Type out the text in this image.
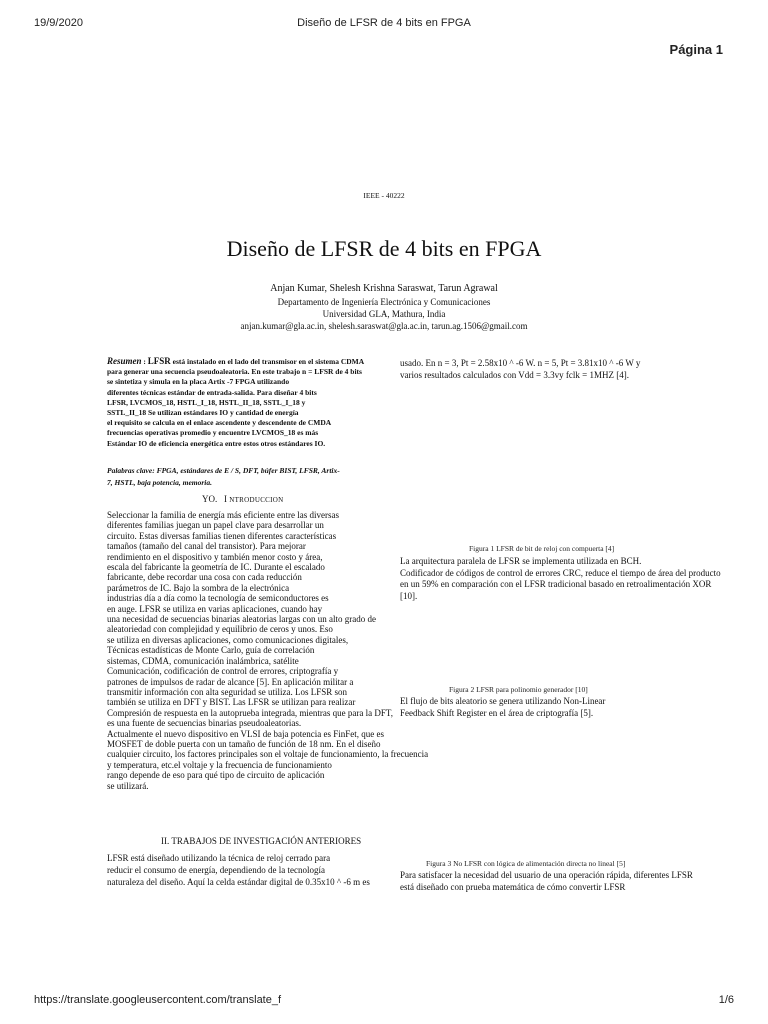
19/9/2020	Diseño de LFSR de 4 bits en FPGA
Página 1
IEEE - 40222
Diseño de LFSR de 4 bits en FPGA
Anjan Kumar, Shelesh Krishna Saraswat, Tarun Agrawal
Departamento de Ingeniería Electrónica y Comunicaciones
Universidad GLA, Mathura, India
anjan.kumar@gla.ac.in, shelesh.saraswat@gla.ac.in, tarun.ag.1506@gmail.com
Resumen : LFSR está instalado en el lado del transmisor en el sistema CDMA
para generar una secuencia pseudoaleatoria. En este trabajo n = LFSR de 4 bits
se sintetiza y simula en la placa Artix -7 FPGA utilizando
diferentes técnicas estándar de entrada-salida. Para diseñar 4 bits
LFSR, LVCMOS_18, HSTL_I_18, HSTL_II_18, SSTL_I_18 y
SSTL_II_18 Se utilizan estándares IO y cantidad de energía
el requisito se calcula en el enlace ascendente y descendente de CMDA
frecuencias operativas promedio y encuentre LVCMOS_18 es más
Estándar IO de eficiencia energética entre estos otros estándares IO.
Palabras clave: FPGA, estándares de E / S, DFT, búfer BIST, LFSR, Artix-
7, HSTL, baja potencia, memoria.
YO. I NTRODUCCION
Seleccionar la familia de energía más eficiente entre las diversas
diferentes familias juegan un papel clave para desarrollar un
circuito. Estas diversas familias tienen diferentes características
tamaños (tamaño del canal del transistor). Para mejorar
rendimiento en el dispositivo y también menor costo y área,
escala del fabricante la geometría de IC. Durante el escalado
fabricante, debe recordar una cosa con cada reducción
parámetros de IC. Bajo la sombra de la electrónica
industrias día a día como la tecnología de semiconductores es
en auge. LFSR se utiliza en varias aplicaciones, cuando hay
una necesidad de secuencias binarias aleatorias largas con un alto grado de
aleatoriedad con complejidad y equilibrio de ceros y unos. Eso
se utiliza en diversas aplicaciones, como comunicaciones digitales,
Técnicas estadísticas de Monte Carlo, guía de correlación
sistemas, CDMA, comunicación inalámbrica, satélite
Comunicación, codificación de control de errores, criptografía y
patrones de impulsos de radar de alcance [5]. En aplicación militar a
transmitir información con alta seguridad se utiliza. Los LFSR son
también se utiliza en DFT y BIST. Las LFSR se utilizan para realizar
Compresión de respuesta en la autoprueba integrada, mientras que para la DFT,
es una fuente de secuencias binarias pseudoaleatorias.
Actualmente el nuevo dispositivo en VLSI de baja potencia es FinFet, que es
MOSFET de doble puerta con un tamaño de función de 18 nm. En el diseño
cualquier circuito, los factores principales son el voltaje de funcionamiento, la frecuencia
y temperatura, etc.el voltaje y la frecuencia de funcionamiento
rango depende de eso para qué tipo de circuito de aplicación
se utilizará.
II. TRABAJOS DE INVESTIGACIÓN ANTERIORES
LFSR está diseñado utilizando la técnica de reloj cerrado para
reducir el consumo de energía, dependiendo de la tecnología
naturaleza del diseño. Aquí la celda estándar digital de 0.35x10 ^ -6 m es
usado. En n = 3, Pt = 2.58x10 ^ -6 W. n = 5, Pt = 3.81x10 ^ -6 W y
varios resultados calculados con Vdd = 3.3vy fclk = 1MHZ [4].
Figura 1 LFSR de bit de reloj con compuerta [4]
La arquitectura paralela de LFSR se implementa utilizada en BCH.
Codificador de códigos de control de errores CRC, reduce el tiempo de área del producto
en un 59% en comparación con el LFSR tradicional basado en retroalimentación XOR
[10].
Figura 2 LFSR para polinomio generador [10]
El flujo de bits aleatorio se genera utilizando Non-Linear
Feedback Shift Register en el área de criptografía [5].
Figura 3 No LFSR con lógica de alimentación directa no lineal [5]
Para satisfacer la necesidad del usuario de una operación rápida, diferentes LFSR
está diseñado con prueba matemática de cómo convertir LFSR
https://translate.googleusercontent.com/translate_f	1/6
